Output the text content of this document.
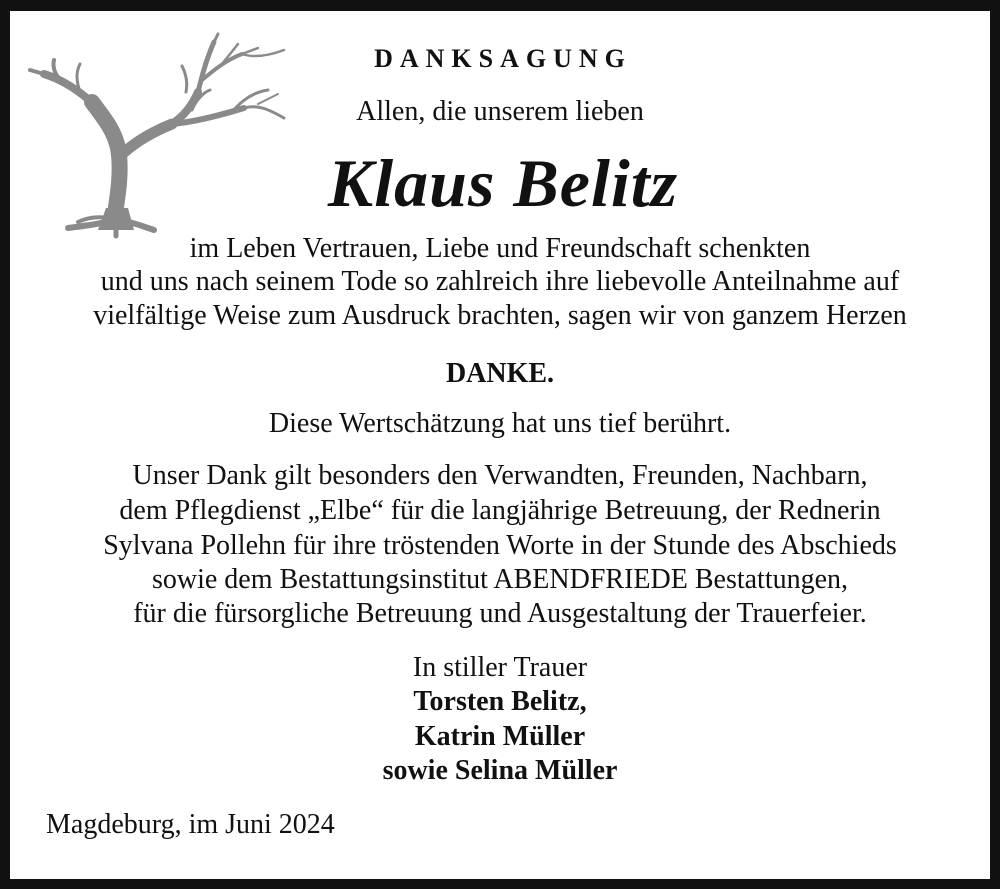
DANKSAGUNG
Allen, die unserem lieben
Klaus Belitz
im Leben Vertrauen, Liebe und Freundschaft schenkten
und uns nach seinem Tode so zahlreich ihre liebevolle Anteilnahme auf
vielfältige Weise zum Ausdruck brachten, sagen wir von ganzem Herzen
DANKE.
Diese Wertschätzung hat uns tief berührt.
Unser Dank gilt besonders den Verwandten, Freunden, Nachbarn,
dem Pflegdienst „Elbe“ für die langjährige Betreuung, der Rednerin
Sylvana Pollehn für ihre tröstenden Worte in der Stunde des Abschieds
sowie dem Bestattungsinstitut ABENDFRIEDE Bestattungen,
für die fürsorgliche Betreuung und Ausgestaltung der Trauerfeier.
In stiller Trauer
Torsten Belitz,
Katrin Müller
sowie Selina Müller
Magdeburg, im Juni 2024
